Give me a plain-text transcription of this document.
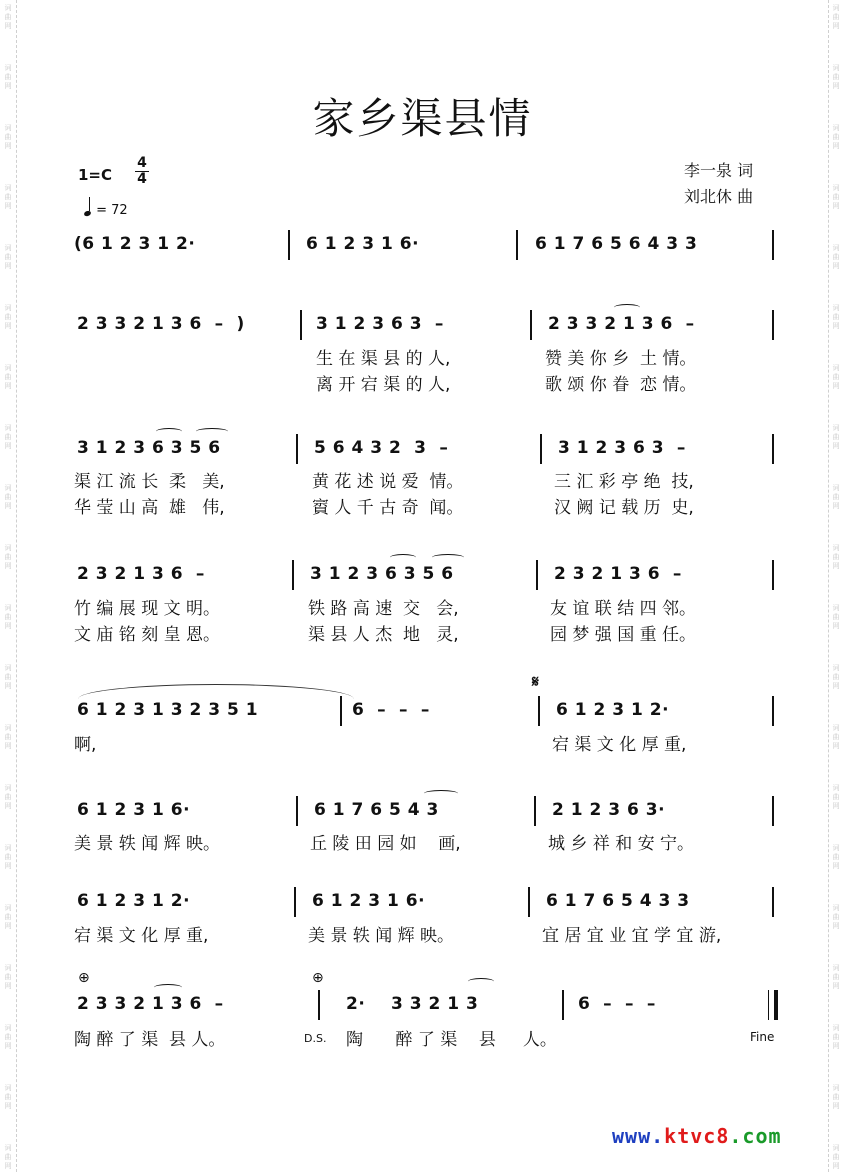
词
曲
网
词
曲
网
词
曲
网
词
曲
网
词
曲
网
词
曲
网
词
曲
网
词
曲
网
词
曲
网
词
曲
网
词
曲
网
词
曲
网
词
曲
网
词
曲
网
词
曲
网
词
曲
网
词
曲
网
词
曲
网
词
曲
网
词
曲
网
词
曲
网
词
曲
网
词
曲
网
词
曲
网
词
曲
网
词
曲
网
词
曲
网
词
曲
网
词
曲
网
词
曲
网
词
曲
网
词
曲
网
词
曲
网
词
曲
网
词
曲
网
词
曲
网
词
曲
网
词
曲
网
词
曲
网
词
曲
网
家乡渠县情
1=C
4
4
= 72
李一泉 词
刘北休 曲
(6 1 2 3 1 2·	6 1 2 3 1 6·	6 1 7 6 5 6 4 3 3
2 3 3 2 1 3 6  –  )	3 1 2 3 6 3  –	2 3 3 2 1 3 6  –
生 在 渠 县 的 人,	赞 美 你 乡  土 情。
离 开 宕 渠 的 人,	歌 颂 你 眷  恋 情。
3 1 2 3 6 3 5 6	5 6 4 3 2  3  –	3 1 2 3 6 3  –
渠 江 流 长  柔   美,	黄 花 述 说 爱  情。	三 汇 彩 亭 绝  技,
华 莹 山 高  雄   伟,	賨 人 千 古 奇  闻。	汉 阙 记 载 历  史,
2 3 2 1 3 6  –	3 1 2 3 6 3 5 6	2 3 2 1 3 6  –
竹 编 展 现 文 明。	铁 路 高 速  交   会,	友 谊 联 结 四 邻。
文 庙 铭 刻 皇 恩。	渠 县 人 杰  地   灵,	园 梦 强 国 重 任。
6 1 2 3 1 3 2 3 5 1	6  –  –  –
𝄋
6 1 2 3 1 2·
啊,	宕 渠 文 化 厚 重,
6 1 2 3 1 6·	6 1 7 6 5 4 3	2 1 2 3 6 3·
美 景 轶 闻 辉 映。	丘 陵 田 园 如    画,	城 乡 祥 和 安 宁。
6 1 2 3 1 2·	6 1 2 3 1 6·	6 1 7 6 5 4 3 3
宕 渠 文 化 厚 重,	美 景 轶 闻 辉 映。	宜 居 宜 业 宜 学 宜 游,
⊕
2 3 3 2 1 3 6  –
⊕
2·    3 3 2 1 3	6  –  –  –
陶 醉 了 渠  县 人。	D.S. 陶      醉 了 渠    县     人。	Fine
www.ktvc8.com
